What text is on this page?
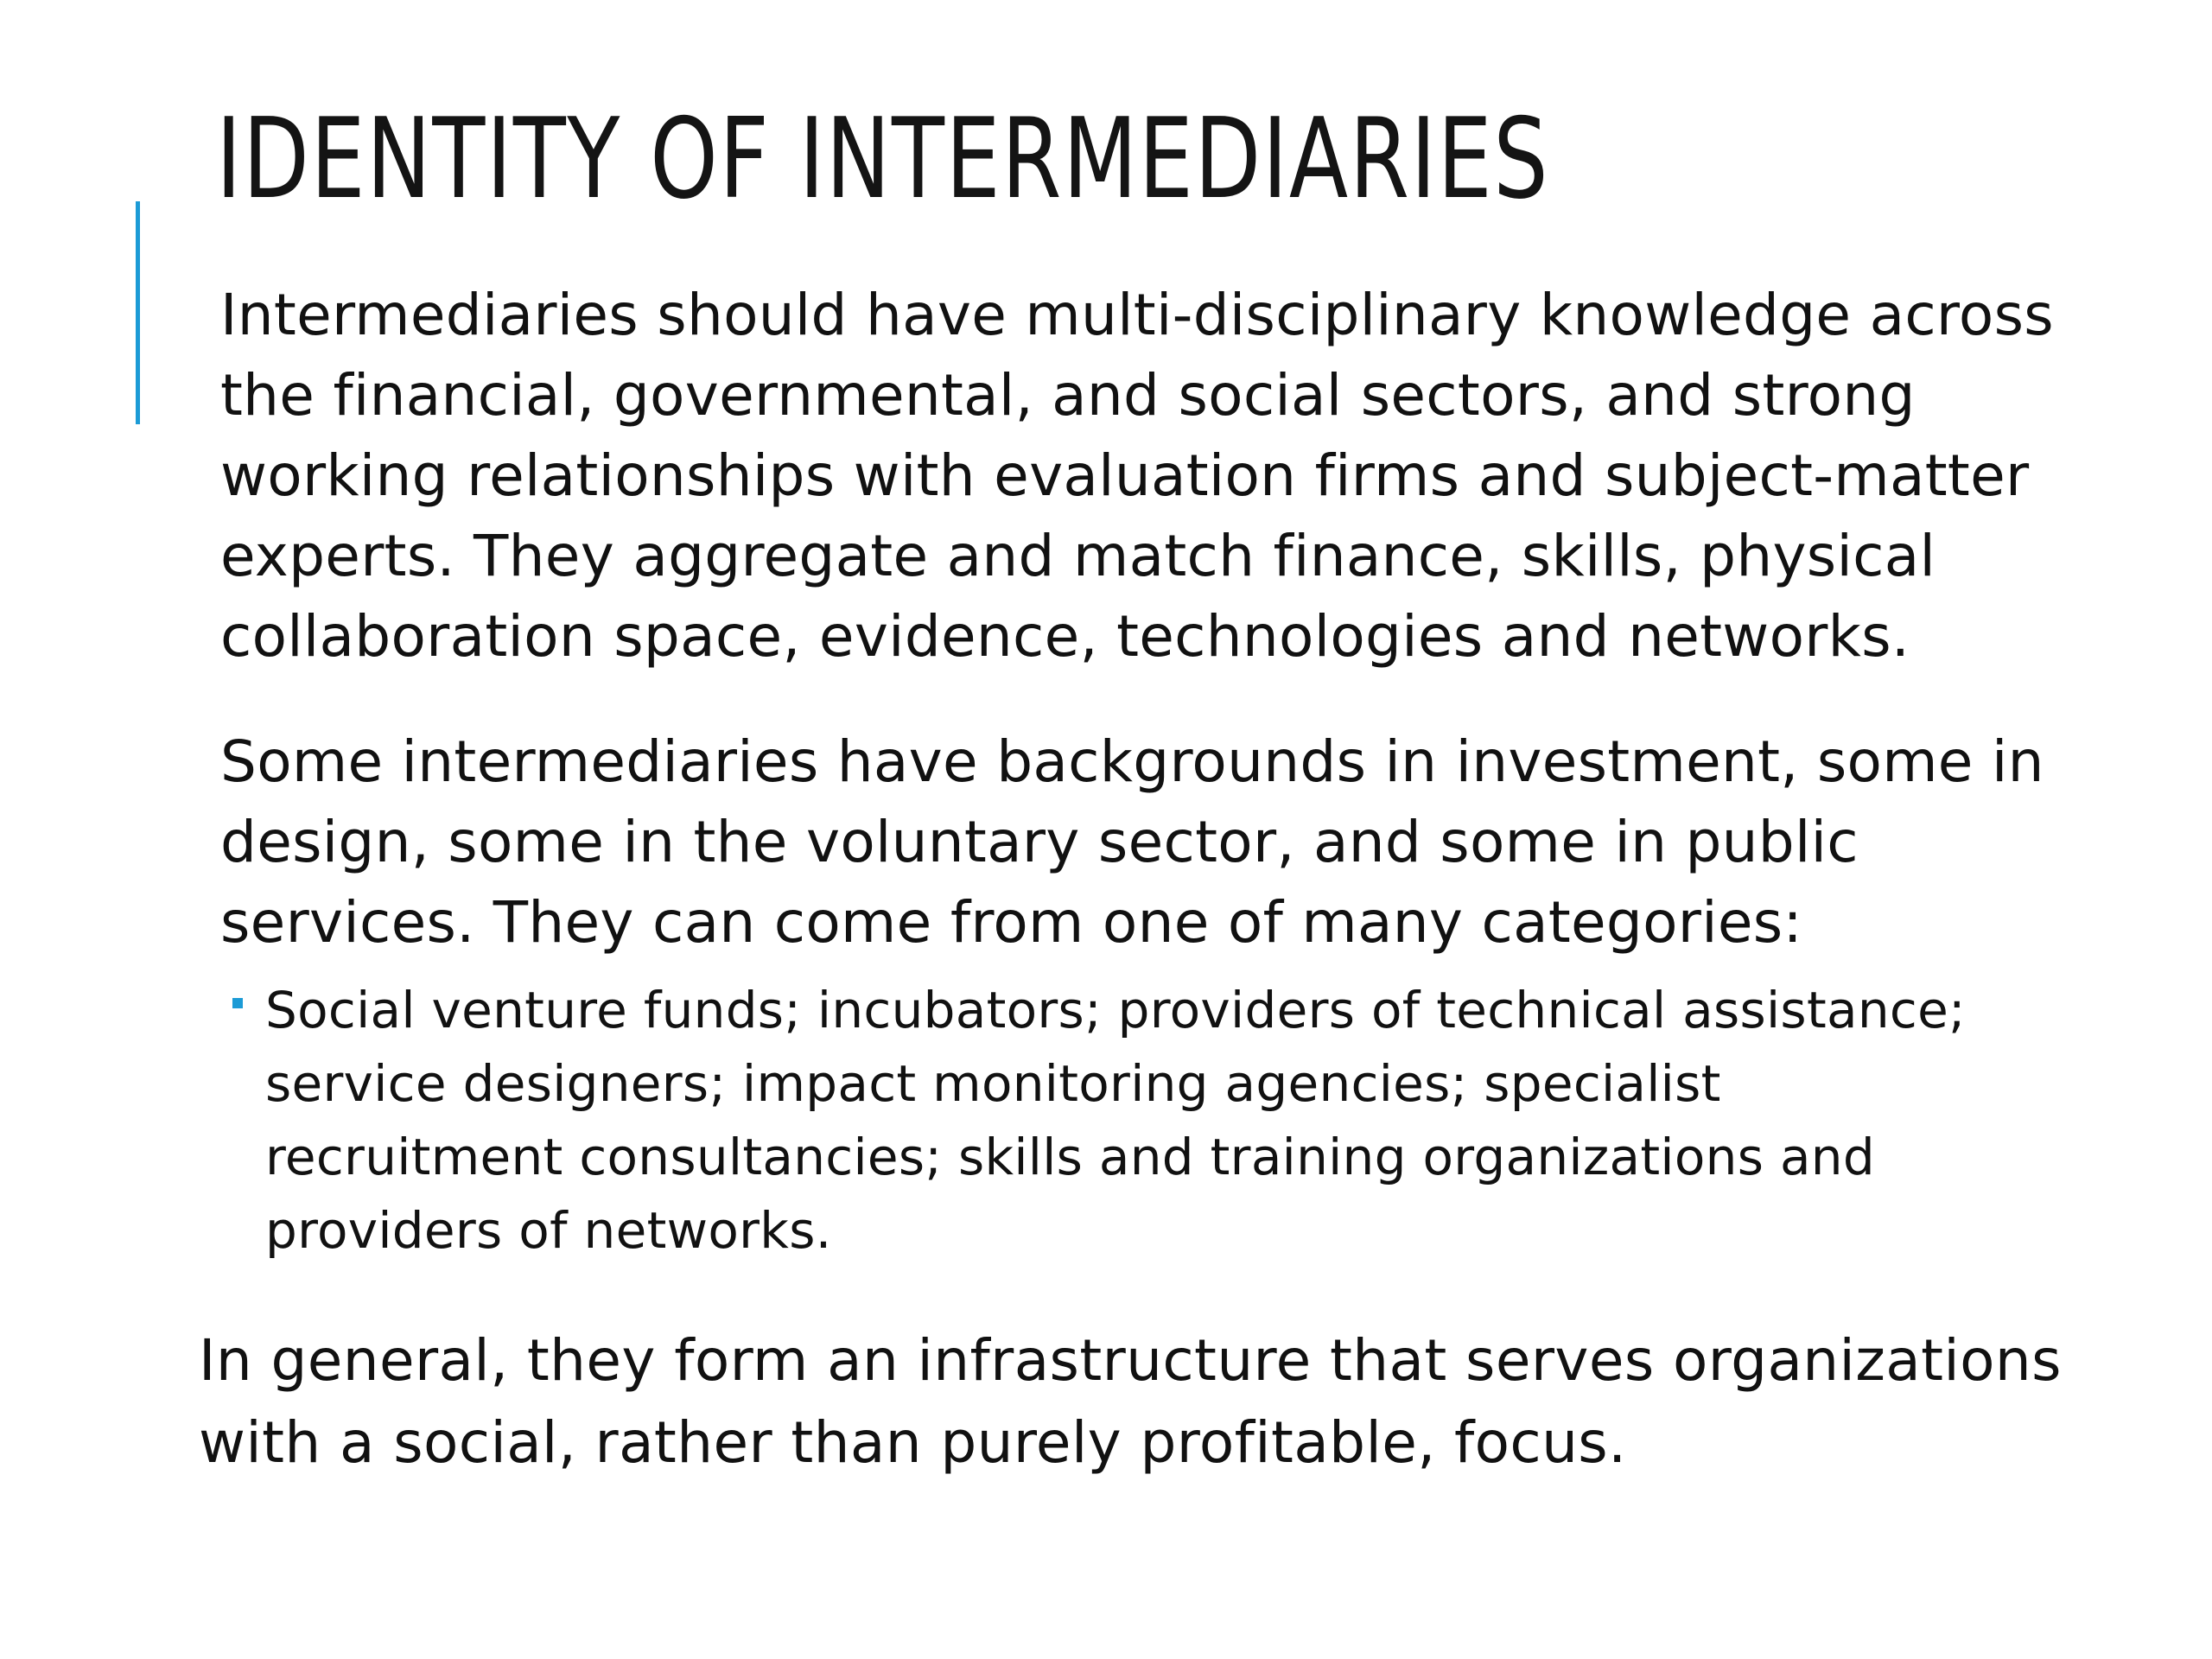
IDENTITY OF INTERMEDIARIES
Intermediaries should have multi-disciplinary knowledge across
the financial, governmental, and social sectors, and strong
working relationships with evaluation firms and subject-matter
experts. They aggregate and match finance, skills, physical
collaboration space, evidence, technologies and networks.
Some intermediaries have backgrounds in investment, some in
design, some in the voluntary sector, and some in public
services. They can come from one of many categories:
Social venture funds; incubators; providers of technical assistance;
service designers; impact monitoring agencies; specialist
recruitment consultancies; skills and training organizations and
providers of networks.
In general, they form an infrastructure that serves organizations
with a social, rather than purely profitable, focus.
